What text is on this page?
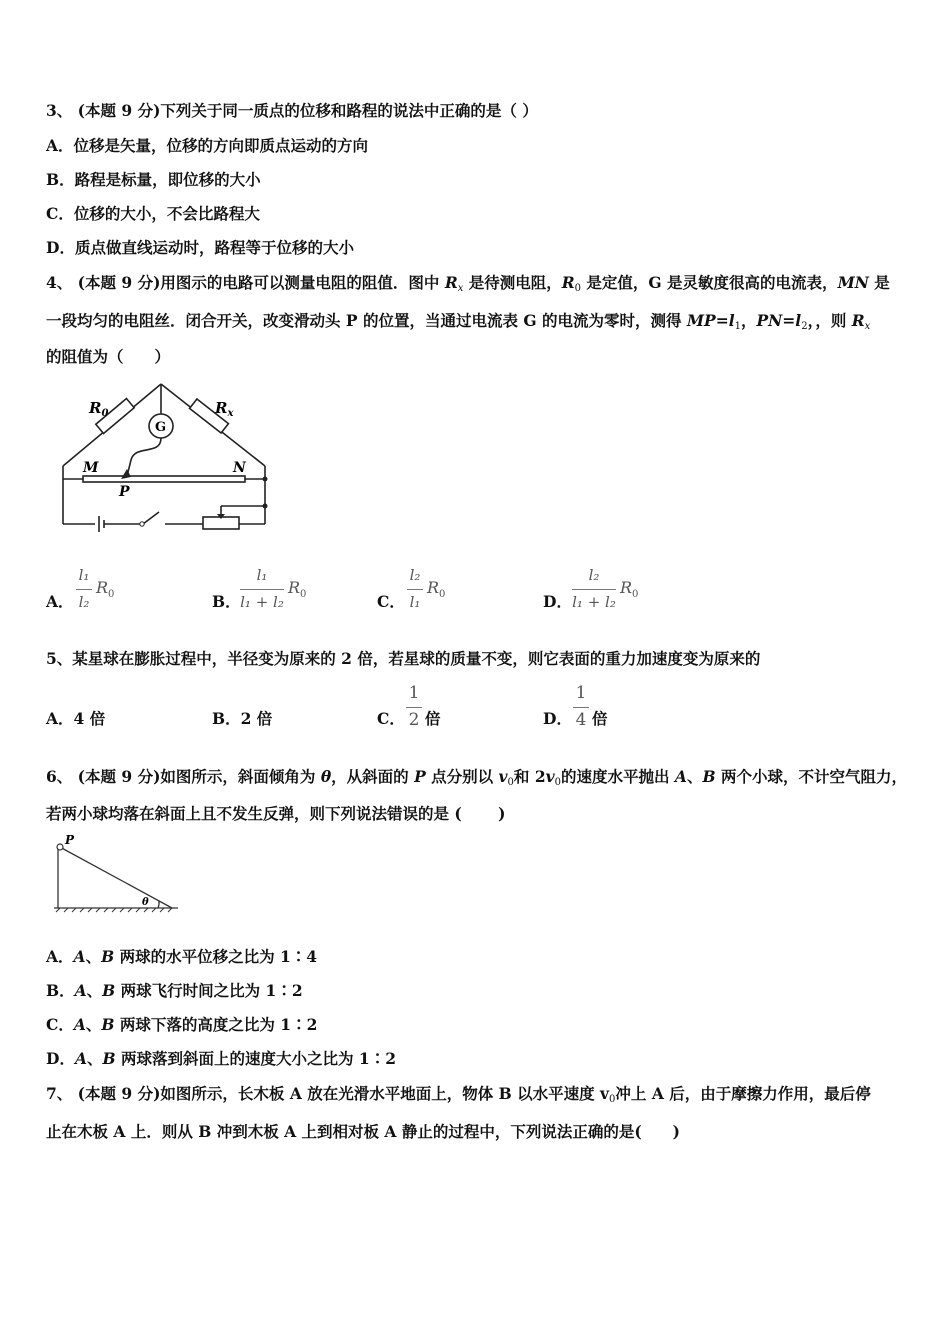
3、 (本题 9 分)下列关于同一质点的位移和路程的说法中正确的是（ ）
A．位移是矢量，位移的方向即质点运动的方向
B．路程是标量，即位移的大小
C．位移的大小，不会比路程大
D．质点做直线运动时，路程等于位移的大小
4、 (本题 9 分)用图示的电路可以测量电阻的阻值．图中 $R_x$ 是待测电阻，$R_0$ 是定值，G 是灵敏度很高的电流表，MN 是
一段均匀的电阻丝．闭合开关，改变滑动头 P 的位置，当通过电流表 G 的电流为零时，测得 $MP=l_1$，$PN=l_2$，，则 $R_x$
的阻值为（　　）
$R_0$	$R_x$
G
M	N
P
A．
l₁
l₂
$R_0$	B．
l₁
l₁ + l₂
$R_0$	C．
l₂
l₁
$R_0$	D．
l₂
l₁ + l₂
$R_0$
5、某星球在膨胀过程中，半径变为原来的 2 倍，若星球的质量不变，则它表面的重力加速度变为原来的
A．4 倍	B．2 倍	C．
1
2 倍	D．
1
4 倍
6、 (本题 9 分)如图所示，斜面倾角为 θ，从斜面的 P 点分别以 $v_0$和 $2v_0$的速度水平抛出 A、B 两个小球，不计空气阻力，
若两小球均落在斜面上且不发生反弹，则下列说法错误的是 (　　 )
P
θ
A．A、B 两球的水平位移之比为 1∶4
B．A、B 两球飞行时间之比为 1∶2
C．A、B 两球下落的高度之比为 1∶2
D．A、B 两球落到斜面上的速度大小之比为 1∶2
7、 (本题 9 分)如图所示，长木板 A 放在光滑水平地面上，物体 B 以水平速度 $v_0$冲上 A 后，由于摩擦力作用，最后停
止在木板 A 上．则从 B 冲到木板 A 上到相对板 A 静止的过程中，下列说法正确的是(　　)
